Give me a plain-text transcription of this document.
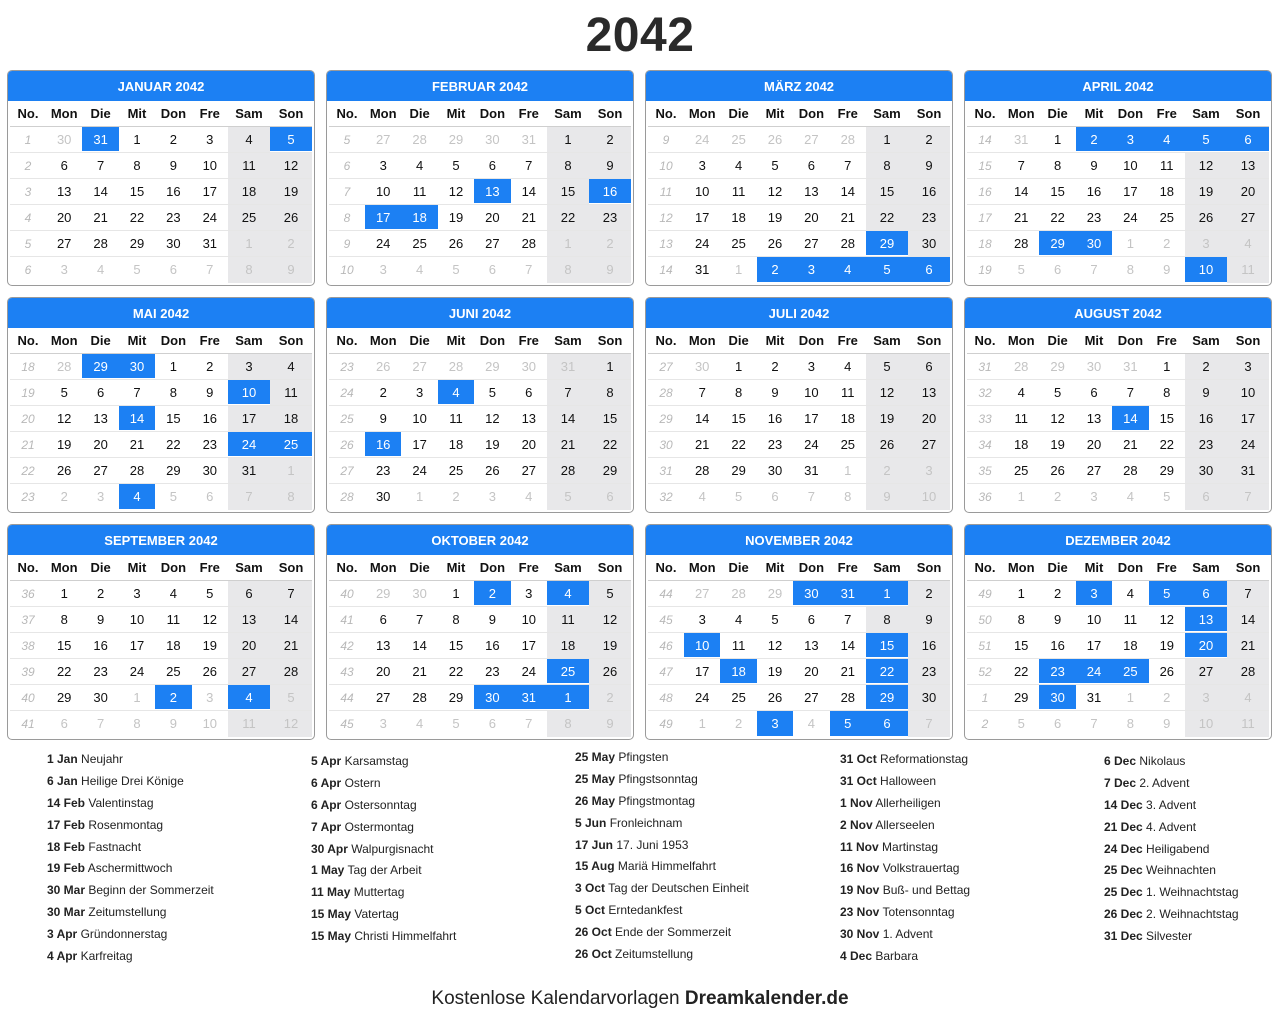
2042
JANUAR 2042
No. Mon Die	Mit	Don	Fre	Sam	Son
1	30	31	1	2	3	4	5
2	6	7	8	9	10	11	12
3	13	14	15	16	17	18	19
4	20	21	22	23	24	25	26
5	27	28	29	30	31	1	2
6	3	4	5	6	7	8	9
FEBRUAR 2042
No. Mon Die	Mit	Don	Fre	Sam	Son
5	27	28	29	30	31	1	2
6	3	4	5	6	7	8	9
7	10	11	12	13	14	15	16
8	17	18	19	20	21	22	23
9	24	25	26	27	28	1	2
10	3	4	5	6	7	8	9
MÄRZ 2042
No. Mon Die	Mit	Don	Fre	Sam	Son
9	24	25	26	27	28	1	2
10	3	4	5	6	7	8	9
11	10	11	12	13	14	15	16
12	17	18	19	20	21	22	23
13	24	25	26	27	28	29	30
14	31	1	2	3	4	5	6
APRIL 2042
No. Mon Die	Mit	Don	Fre	Sam	Son
14	31	1	2	3	4	5	6
15	7	8	9	10	11	12	13
16	14	15	16	17	18	19	20
17	21	22	23	24	25	26	27
18	28	29	30	1	2	3	4
19	5	6	7	8	9	10	11
MAI 2042
No. Mon Die	Mit	Don	Fre	Sam	Son
18	28	29	30	1	2	3	4
19	5	6	7	8	9	10	11
20	12	13	14	15	16	17	18
21	19	20	21	22	23	24	25
22	26	27	28	29	30	31	1
23	2	3	4	5	6	7	8
JUNI 2042
No. Mon Die	Mit	Don	Fre	Sam	Son
23	26	27	28	29	30	31	1
24	2	3	4	5	6	7	8
25	9	10	11	12	13	14	15
26	16	17	18	19	20	21	22
27	23	24	25	26	27	28	29
28	30	1	2	3	4	5	6
JULI 2042
No. Mon Die	Mit	Don	Fre	Sam	Son
27	30	1	2	3	4	5	6
28	7	8	9	10	11	12	13
29	14	15	16	17	18	19	20
30	21	22	23	24	25	26	27
31	28	29	30	31	1	2	3
32	4	5	6	7	8	9	10
AUGUST 2042
No. Mon Die	Mit	Don	Fre	Sam	Son
31	28	29	30	31	1	2	3
32	4	5	6	7	8	9	10
33	11	12	13	14	15	16	17
34	18	19	20	21	22	23	24
35	25	26	27	28	29	30	31
36	1	2	3	4	5	6	7
SEPTEMBER 2042
No. Mon Die	Mit	Don	Fre	Sam	Son
36	1	2	3	4	5	6	7
37	8	9	10	11	12	13	14
38	15	16	17	18	19	20	21
39	22	23	24	25	26	27	28
40	29	30	1	2	3	4	5
41	6	7	8	9	10	11	12
OKTOBER 2042
No. Mon Die	Mit	Don	Fre	Sam	Son
40	29	30	1	2	3	4	5
41	6	7	8	9	10	11	12
42	13	14	15	16	17	18	19
43	20	21	22	23	24	25	26
44	27	28	29	30	31	1	2
45	3	4	5	6	7	8	9
NOVEMBER 2042
No. Mon Die	Mit	Don	Fre	Sam	Son
44	27	28	29	30	31	1	2
45	3	4	5	6	7	8	9
46	10	11	12	13	14	15	16
47	17	18	19	20	21	22	23
48	24	25	26	27	28	29	30
49	1	2	3	4	5	6	7
DEZEMBER 2042
No. Mon Die	Mit	Don	Fre	Sam	Son
49	1	2	3	4	5	6	7
50	8	9	10	11	12	13	14
51	15	16	17	18	19	20	21
52	22	23	24	25	26	27	28
1	29	30	31	1	2	3	4
2	5	6	7	8	9	10	11
1 Jan Neujahr
6 Jan Heilige Drei Könige
14 Feb Valentinstag
17 Feb Rosenmontag
18 Feb Fastnacht
19 Feb Aschermittwoch
30 Mar Beginn der Sommerzeit
30 Mar Zeitumstellung
3 Apr Gründonnerstag
4 Apr Karfreitag
5 Apr Karsamstag
6 Apr Ostern
6 Apr Ostersonntag
7 Apr Ostermontag
30 Apr Walpurgisnacht
1 May Tag der Arbeit
11 May Muttertag
15 May Vatertag
15 May Christi Himmelfahrt
25 May Pfingsten
25 May Pfingstsonntag
26 May Pfingstmontag
5 Jun Fronleichnam
17 Jun 17. Juni 1953
15 Aug Mariä Himmelfahrt
3 Oct Tag der Deutschen Einheit
5 Oct Erntedankfest
26 Oct Ende der Sommerzeit
26 Oct Zeitumstellung
31 Oct Reformationstag
31 Oct Halloween
1 Nov Allerheiligen
2 Nov Allerseelen
11 Nov Martinstag
16 Nov Volkstrauertag
19 Nov Buß- und Bettag
23 Nov Totensonntag
30 Nov 1. Advent
4 Dec Barbara
6 Dec Nikolaus
7 Dec 2. Advent
14 Dec 3. Advent
21 Dec 4. Advent
24 Dec Heiligabend
25 Dec Weihnachten
25 Dec 1. Weihnachtstag
26 Dec 2. Weihnachtstag
31 Dec Silvester
Kostenlose Kalendarvorlagen Dreamkalender.de
